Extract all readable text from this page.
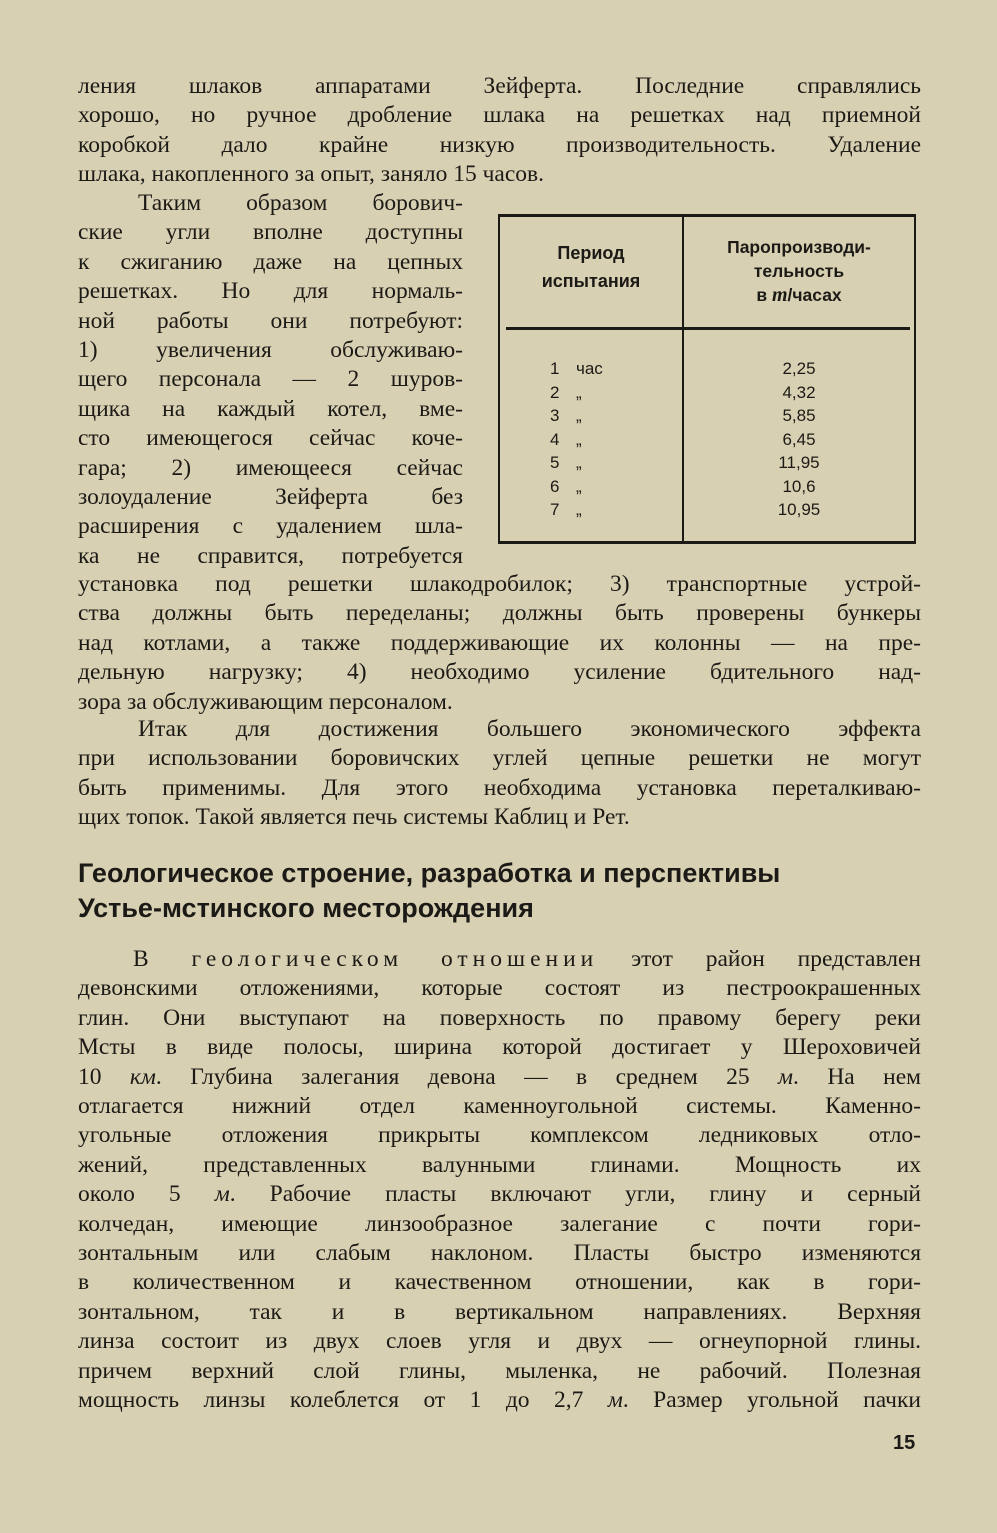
ления шлаков аппаратами Зейферта. Последние справлялись
хорошо, но ручное дробление шлака на решетках над приемной
коробкой дало крайне низкую производительность. Удаление
шлака, накопленного за опыт, заняло 15 часов.
Таким образом борович-
ские угли вполне доступны
к сжиганию даже на цепных
решетках. Но для нормаль-
ной работы они потребуют:
1) увеличения обслуживаю-
щего персонала — 2 шуров-
щика на каждый котел, вме-
сто имеющегося сейчас коче-
гара; 2) имеющееся сейчас
золоудаление Зейферта без
расширения с удалением шла-
ка не справится, потребуется
Период
испытания
Паропроизводи-
тельность
в т/часах
1 час
2 „
3 „
4 „
5 „
6 „
7 „
2,25
4,32
5,85
6,45
11,95
10,6
10,95
установка под решетки шлакодробилок; 3) транспортные устрой-
ства должны быть переделаны; должны быть проверены бункеры
над котлами, а также поддерживающие их колонны — на пре-
дельную нагрузку; 4) необходимо усиление бдительного над-
зора за обслуживающим персоналом.
Итак для достижения большего экономического эффекта
при использовании боровичских углей цепные решетки не могут
быть применимы. Для этого необходима установка переталкиваю-
щих топок. Такой является печь системы Каблиц и Рет.
Геологическое строение, разработка и перспективы
Устье-мстинского месторождения
В геологическом отношении этот район представлен
девонскими отложениями, которые состоят из пестроокрашенных
глин. Они выступают на поверхность по правому берегу реки
Мсты в виде полосы, ширина которой достигает у Шероховичей
10 км. Глубина залегания девона — в среднем 25 м. На нем
отлагается нижний отдел каменноугольной системы. Каменно-
угольные отложения прикрыты комплексом ледниковых отло-
жений, представленных валунными глинами. Мощность их
около 5 м. Рабочие пласты включают угли, глину и серный
колчедан, имеющие линзообразное залегание с почти гори-
зонтальным или слабым наклоном. Пласты быстро изменяются
в количественном и качественном отношении, как в гори-
зонтальном, так и в вертикальном направлениях. Верхняя
линза состоит из двух слоев угля и двух — огнеупорной глины.
причем верхний слой глины, мыленка, не рабочий. Полезная
мощность линзы колеблется от 1 до 2,7 м. Размер угольной пачки
15
